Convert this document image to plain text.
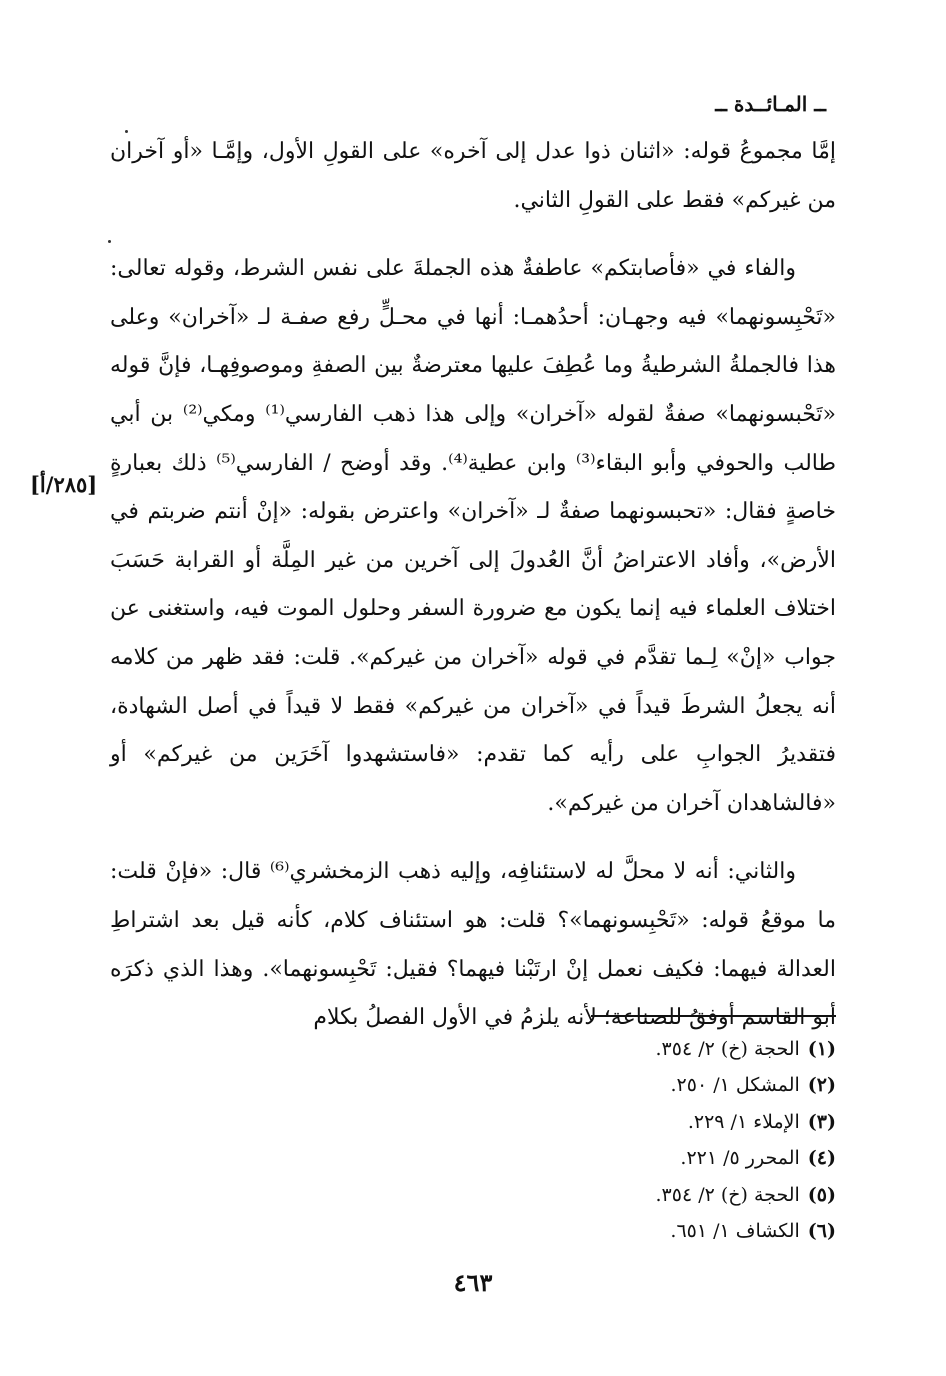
ــ المـائــدة ــ

إمَّا مجموعُ قوله: «اثنان ذوا عدل إلى آخره» على القولِ الأول، وإمَّـا «أو آخران من غيركم» فقط على القولِ الثاني.

والفاء في «فأصابتكم» عاطفةٌ هذه الجملةَ على نفس الشرط، وقوله تعالى: «تَحْبِسونهما» فيه وجهـان: أحدُهمـا: أنها في محـلٍّ رفع صفـة لـ «آخران» وعلى هذا فالجملةُ الشرطيةُ وما عُطِفَ عليها معترضةٌ بين الصفةِ وموصوفِهـا، فإنَّ قوله «تَحْبسونهما» صفةٌ لقوله «آخران» وإلى هذا ذهب الفارسي⁽¹⁾ ومكي⁽²⁾ بن أبي طالب والحوفي وأبو البقاء⁽³⁾ وابن عطية⁽⁴⁾. وقد أوضح / الفارسي⁽⁵⁾ ذلك بعبارةٍ خاصةٍ فقال: «تحبسونهما صفةٌ لـ «آخران» واعترض بقوله: «إنْ أنتم ضربتم في الأرض»، وأفاد الاعتراضُ أنَّ العُدولَ إلى آخرين من غير المِلَّة أو القرابة حَسَبَ اختلاف العلماء فيه إنما يكون مع ضرورة السفر وحلول الموت فيه، واستغنى عن جواب «إنْ» لِـما تقدَّم في قوله «آخران من غيركم». قلت: فقد ظهر من كلامه أنه يجعلُ الشرطَ قيداً في «آخران من غيركم» فقط لا قيداً في أصل الشهادة، فتقديرُ الجوابِ على رأيه كما تقدم: «فاستشهدوا آخَرَين من غيركم» أو «فالشاهدان آخران من غيركم».

والثاني: أنه لا محلَّ له لاستئنافِه، وإليه ذهب الزمخشري⁽⁶⁾ قال: «فإنْ قلت: ما موقعُ قوله: «تَحْبِسونهما»؟ قلت: هو استئناف كلام، كأنه قيل بعد اشتراطِ العدالة فيهما: فكيف نعمل إنْ ارتَبْنا فيهما؟ فقيل: تَحْبِسونهما». وهذا الذي ذكرَه أبو القاسم أوفقُ للصناعة؛ لأنه يلزمُ في الأول الفصلُ بكلام

[٢٨٥/أ]
(١)الحجة (خ) ٢/ ٣٥٤.
(٢)المشكل ١/ ٢٥٠.
(٣)الإملاء ١/ ٢٢٩.
(٤)المحرر ٥/ ٢٢١.
(٥)الحجة (خ) ٢/ ٣٥٤.
(٦)الكشاف ١/ ٦٥١.
٤٦٣
